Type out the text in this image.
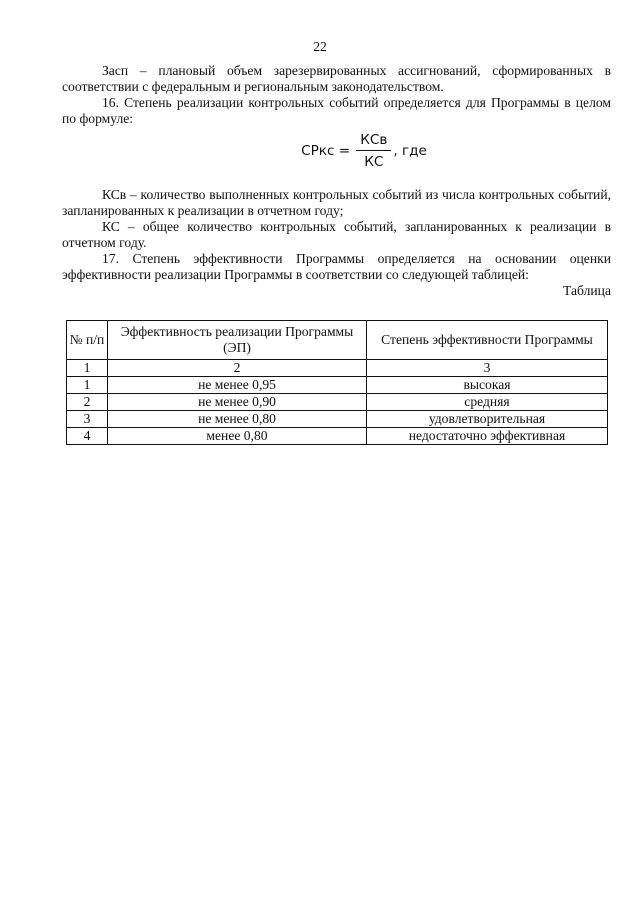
22

Засп – плановый объем зарезервированных ассигнований, сформированных в соответствии с федеральным и региональным законодательством.

16. Степень реализации контрольных событий определяется для Программы в целом по формуле:

СРкс = $\frac{\text{КСв}}{КС}$ , где

КСв – количество выполненных контрольных событий из числа контрольных событий, запланированных к реализации в отчетном году;

КС – общее количество контрольных событий, запланированных к реализации в отчетном году.

17. Степень эффективности Программы определяется на основании оценки эффективности реализации Программы в соответствии со следующей таблицей:

Таблица

№ п/п	Эффективность реализации Программы (ЭП)	Степень эффективности Программы
1	2	3
1	не менее 0,95	высокая
2	не менее 0,90	средняя
3	не менее 0,80	удовлетворительная
4	менее 0,80	недостаточно эффективная
